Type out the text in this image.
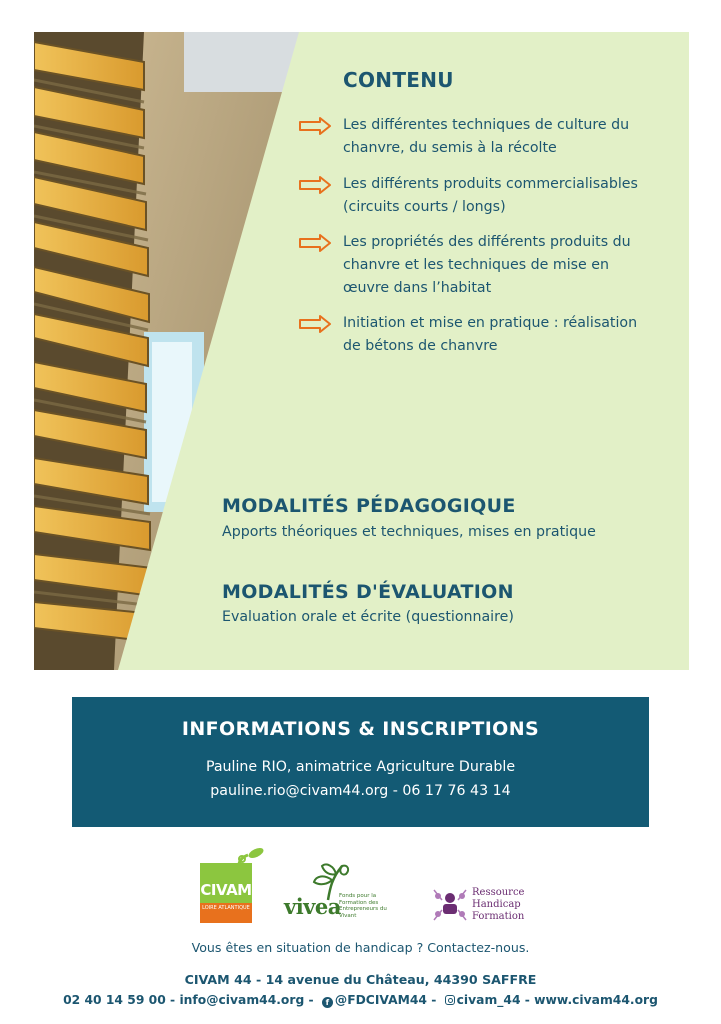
CONTENU
Les différentes techniques de culture du chanvre, du semis à la récolte
Les différents produits commercialisables (circuits courts / longs)
Les propriétés des différents produits du chanvre et les techniques de mise en œuvre dans l’habitat
Initiation et mise en pratique : réalisation de bétons de chanvre
MODALITÉS PÉDAGOGIQUE

Apports théoriques et techniques, mises en pratique

MODALITÉS D'ÉVALUATION

Evaluation orale et écrite (questionnaire)

INFORMATIONS & INSCRIPTIONS
Pauline RIO, animatrice Agriculture Durable
pauline.rio@civam44.org - 06 17 76 43 14
CIVAM
LOIRE ATLANTIQUE vivea
Fonds pour la Formation des Entrepreneurs du Vivant
Ressource
Handicap
Formation

Vous êtes en situation de handicap ? Contactez-nous.

CIVAM 44 - 14 avenue du Château, 44390 SAFFRE

02 40 14 59 00 - info@civam44.org - f @FDCIVAM44 - civam_44 - www.civam44.org
